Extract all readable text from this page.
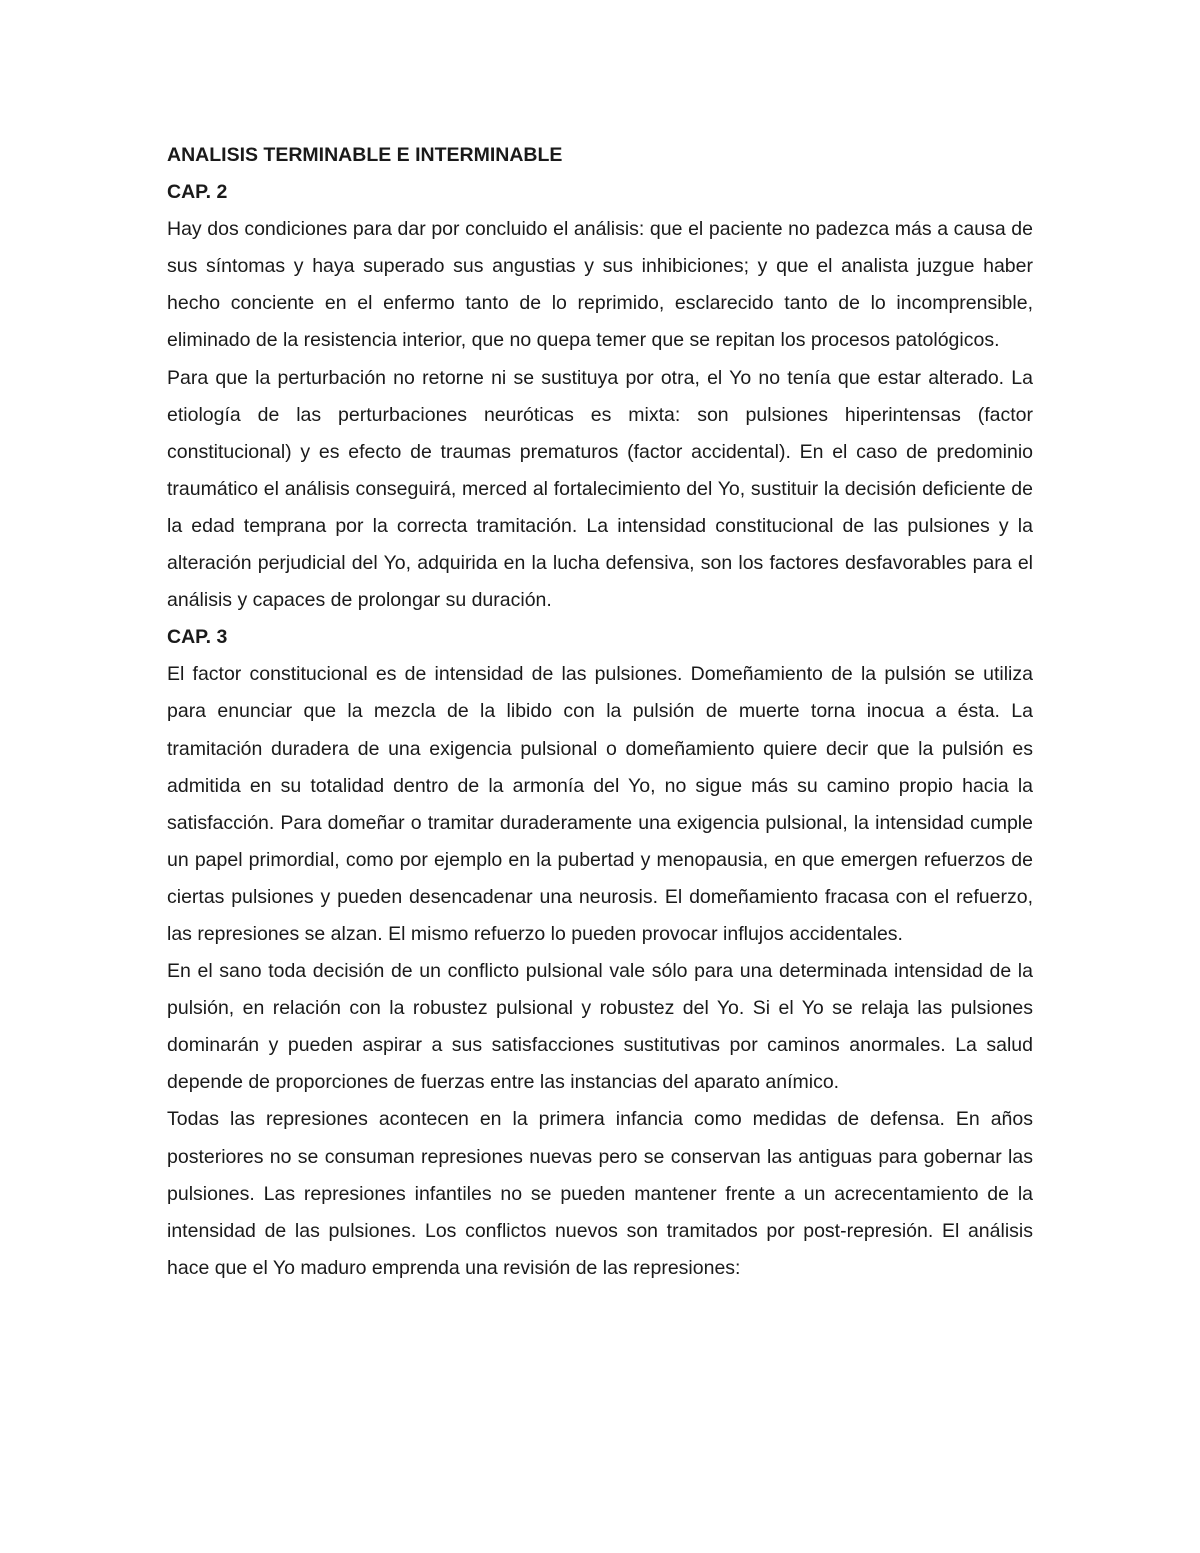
ANALISIS TERMINABLE E INTERMINABLE

CAP. 2

Hay dos condiciones para dar por concluido el análisis: que el paciente no padezca más a causa de sus síntomas y haya superado sus angustias y sus inhibiciones; y que el analista juzgue haber hecho conciente en el enfermo tanto de lo reprimido, esclarecido tanto de lo incomprensible, eliminado de la resistencia interior, que no quepa temer que se repitan los procesos patológicos.

Para que la perturbación no retorne ni se sustituya por otra, el Yo no tenía que estar alterado. La etiología de las perturbaciones neuróticas es mixta: son pulsiones hiperintensas (factor constitucional) y es efecto de traumas prematuros (factor accidental). En el caso de predominio traumático el análisis conseguirá, merced al fortalecimiento del Yo, sustituir la decisión deficiente de la edad temprana por la correcta tramitación. La intensidad constitucional de las pulsiones y la alteración perjudicial del Yo, adquirida en la lucha defensiva, son los factores desfavorables para el análisis y capaces de prolongar su duración.

CAP. 3

El factor constitucional es de intensidad de las pulsiones. Domeñamiento de la pulsión se utiliza para enunciar que la mezcla de la libido con la pulsión de muerte torna inocua a ésta. La tramitación duradera de una exigencia pulsional o domeñamiento quiere decir que la pulsión es admitida en su totalidad dentro de la armonía del Yo, no sigue más su camino propio hacia la satisfacción. Para domeñar o tramitar duraderamente una exigencia pulsional, la intensidad cumple un papel primordial, como por ejemplo en la pubertad y menopausia, en que emergen refuerzos de ciertas pulsiones y pueden desencadenar una neurosis. El domeñamiento fracasa con el refuerzo, las represiones se alzan. El mismo refuerzo lo pueden provocar influjos accidentales.

En el sano toda decisión de un conflicto pulsional vale sólo para una determinada intensidad de la pulsión, en relación con la robustez pulsional y robustez del Yo. Si el Yo se relaja las pulsiones dominarán y pueden aspirar a sus satisfacciones sustitutivas por caminos anormales. La salud depende de proporciones de fuerzas entre las instancias del aparato anímico.

Todas las represiones acontecen en la primera infancia como medidas de defensa. En años posteriores no se consuman represiones nuevas pero se conservan las antiguas para gobernar las pulsiones. Las represiones infantiles no se pueden mantener frente a un acrecentamiento de la intensidad de las pulsiones. Los conflictos nuevos son tramitados por post-represión. El análisis hace que el Yo maduro emprenda una revisión de las represiones:
